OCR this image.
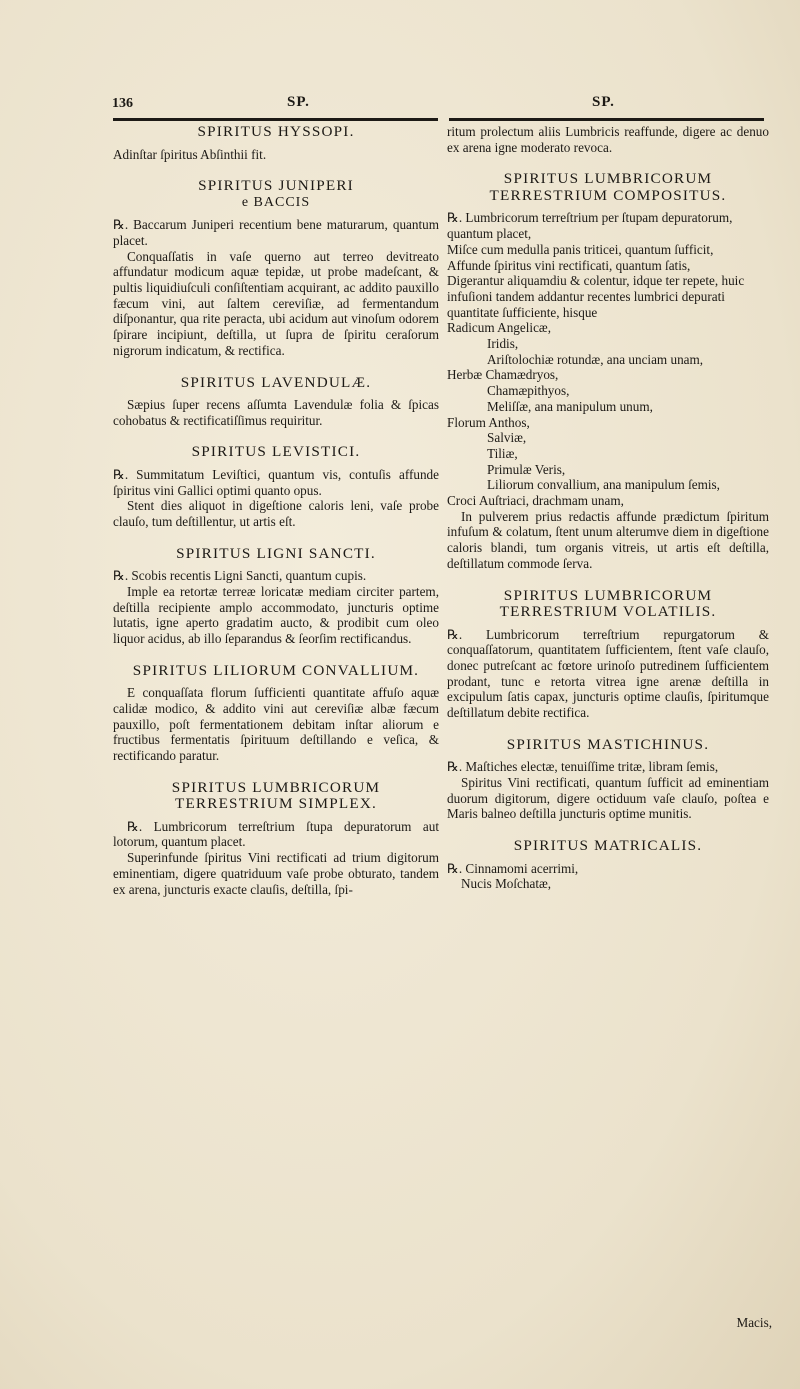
136	SP.	SP.
SPIRITUS HYSSOPI.

Adinſtar ſpiritus Abſinthii fit.

SPIRITUS JUNIPERI
e BACCIS

℞. Baccarum Juniperi recentium bene maturarum, quantum placet.

Conquaſſatis in vaſe querno aut terreo devitreato affundatur modicum aquæ tepidæ, ut probe madeſcant, & pultis liquidiuſculi conſiſtentiam acquirant, ac addito pauxillo fæcum vini, aut ſaltem cereviſiæ, ad fermentandum diſponantur, qua rite peracta, ubi acidum aut vinoſum odorem ſpirare incipiunt, deſtilla, ut ſupra de ſpiritu ceraſorum nigrorum indicatum, & rectifica.

SPIRITUS LAVENDULÆ.

Sæpius ſuper recens aſſumta Lavendulæ folia & ſpicas cohobatus & rectificatiſſimus requiritur.

SPIRITUS LEVISTICI.

℞. Summitatum Leviſtici, quantum vis, contuſis affunde ſpiritus vini Gallici optimi quanto opus.

Stent dies aliquot in digeſtione caloris leni, vaſe probe clauſo, tum deſtillentur, ut artis eſt.

SPIRITUS LIGNI SANCTI.

℞. Scobis recentis Ligni Sancti, quantum cupis.

Imple ea retortæ terreæ loricatæ mediam circiter partem, deſtilla recipiente amplo accommodato, juncturis optime lutatis, igne aperto gradatim aucto, & prodibit cum oleo liquor acidus, ab illo ſeparandus & ſeorſim rectificandus.

SPIRITUS LILIORUM CONVALLIUM.

E conquaſſata florum ſufficienti quantitate affuſo aquæ calidæ modico, & addito vini aut cereviſiæ albæ fæcum pauxillo, poſt fermentationem debitam inſtar aliorum e fructibus fermentatis ſpirituum deſtillando e veſica, & rectificando paratur.

SPIRITUS LUMBRICORUM TERRESTRIUM SIMPLEX.

℞. Lumbricorum terreſtrium ſtupa depuratorum aut lotorum, quantum placet.

Superinfunde ſpiritus Vini rectificati ad trium digitorum eminentiam, digere quatriduum vaſe probe obturato, tandem ex arena, juncturis exacte clauſis, deſtilla, ſpi-

ritum prolectum aliis Lumbricis reaffunde, digere ac denuo ex arena igne moderato revoca.

SPIRITUS LUMBRICORUM TERRESTRIUM COMPOSITUS.
℞. Lumbricorum terreſtrium per ſtupam depuratorum, quantum placet,
Miſce cum medulla panis triticei, quantum ſufficit,
Affunde ſpiritus vini rectificati, quantum ſatis,
Digerantur aliquamdiu & colentur, idque ter repete, huic infuſioni tandem addantur recentes lumbrici depurati quantitate ſufficiente, hisque
Radicum Angelicæ,
Iridis,
Ariſtolochiæ rotundæ, ana unciam unam,
Herbæ Chamædryos,
Chamæpithyos,
Meliſſæ, ana manipulum unum,
Florum Anthos,
Salviæ,
Tiliæ,
Primulæ Veris,
Liliorum convallium, ana manipulum ſemis,
Croci Auſtriaci, drachmam unam,

In pulverem prius redactis affunde prædictum ſpiritum infuſum & colatum, ſtent unum alterumve diem in digeſtione caloris blandi, tum organis vitreis, ut artis eſt deſtilla, deſtillatum commode ſerva.

SPIRITUS LUMBRICORUM TERRESTRIUM VOLATILIS.

℞. Lumbricorum terreſtrium repurgatorum & conquaſſatorum, quantitatem ſufficientem, ſtent vaſe clauſo, donec putreſcant ac fœtore urinoſo putredinem ſufficientem prodant, tunc e retorta vitrea igne arenæ deſtilla in excipulum ſatis capax, juncturis optime clauſis, ſpiritumque deſtillatum debite rectifica.

SPIRITUS MASTICHINUS.

℞. Maſtiches electæ, tenuiſſime tritæ, libram ſemis,

Spiritus Vini rectificati, quantum ſufficit ad eminentiam duorum digitorum, digere octiduum vaſe clauſo, poſtea e Maris balneo deſtilla juncturis optime munitis.

SPIRITUS MATRICALIS.
℞. Cinnamomi acerrimi,
Nucis Moſchatæ,
Macis,
